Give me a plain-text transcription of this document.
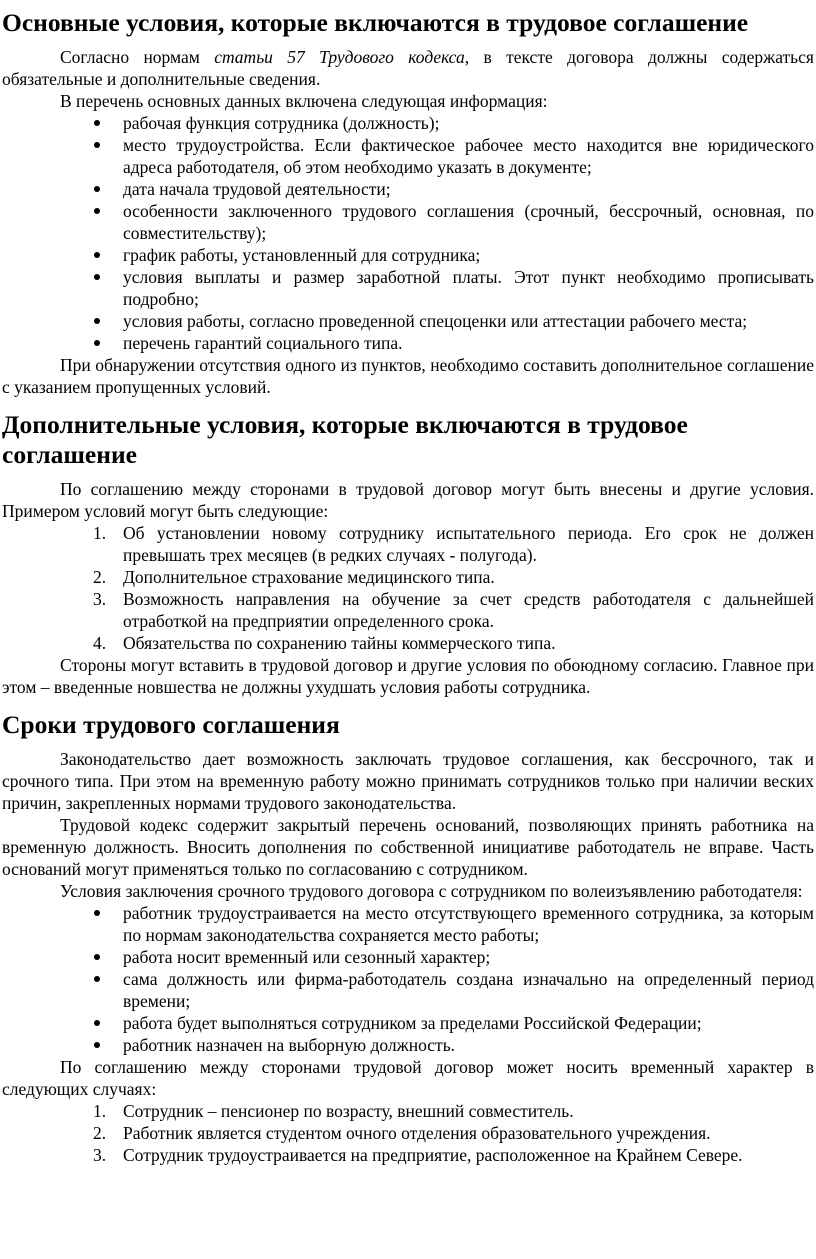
Основные условия, которые включаются в трудовое соглашение

Согласно нормам статьи 57 Трудового кодекса, в тексте договора должны содержаться обязательные и дополнительные сведения.

В перечень основных данных включена следующая информация:

рабочая функция сотрудника (должность);
место трудоустройства. Если фактическое рабочее место находится вне юридического адреса работодателя, об этом необходимо указать в документе;
дата начала трудовой деятельности;
особенности заключенного трудового соглашения (срочный, бессрочный, основная, по совместительству);
график работы, установленный для сотрудника;
условия выплаты и размер заработной платы. Этот пункт необходимо прописывать подробно;
условия работы, согласно проведенной спецоценки или аттестации рабочего места;
перечень гарантий социального типа.

При обнаружении отсутствия одного из пунктов, необходимо составить дополнительное соглашение с указанием пропущенных условий.

Дополнительные условия, которые включаются в трудовое соглашение

По соглашению между сторонами в трудовой договор могут быть внесены и другие условия. Примером условий могут быть следующие:

1. Об установлении новому сотруднику испытательного периода. Его срок не должен превышать трех месяцев (в редких случаях - полугода).
2. Дополнительное страхование медицинского типа.
3. Возможность направления на обучение за счет средств работодателя с дальнейшей отработкой на предприятии определенного срока.
4. Обязательства по сохранению тайны коммерческого типа.

Стороны могут вставить в трудовой договор и другие условия по обоюдному согласию. Главное при этом – введенные новшества не должны ухудшать условия работы сотрудника.

Сроки трудового соглашения

Законодательство дает возможность заключать трудовое соглашения, как бессрочного, так и срочного типа. При этом на временную работу можно принимать сотрудников только при наличии веских причин, закрепленных нормами трудового законодательства.

Трудовой кодекс содержит закрытый перечень оснований, позволяющих принять работника на временную должность. Вносить дополнения по собственной инициативе работодатель не вправе. Часть оснований могут применяться только по согласованию с сотрудником.

Условия заключения срочного трудового договора с сотрудником по волеизъявлению работодателя:

работник трудоустраивается на место отсутствующего временного сотрудника, за которым по нормам законодательства сохраняется место работы;
работа носит временный или сезонный характер;
сама должность или фирма-работодатель создана изначально на определенный период времени;
работа будет выполняться сотрудником за пределами Российской Федерации;
работник назначен на выборную должность.

По соглашению между сторонами трудовой договор может носить временный характер в следующих случаях:

1. Сотрудник – пенсионер по возрасту, внешний совместитель.
2. Работник является студентом очного отделения образовательного учреждения.
3. Сотрудник трудоустраивается на предприятие, расположенное на Крайнем Севере.
